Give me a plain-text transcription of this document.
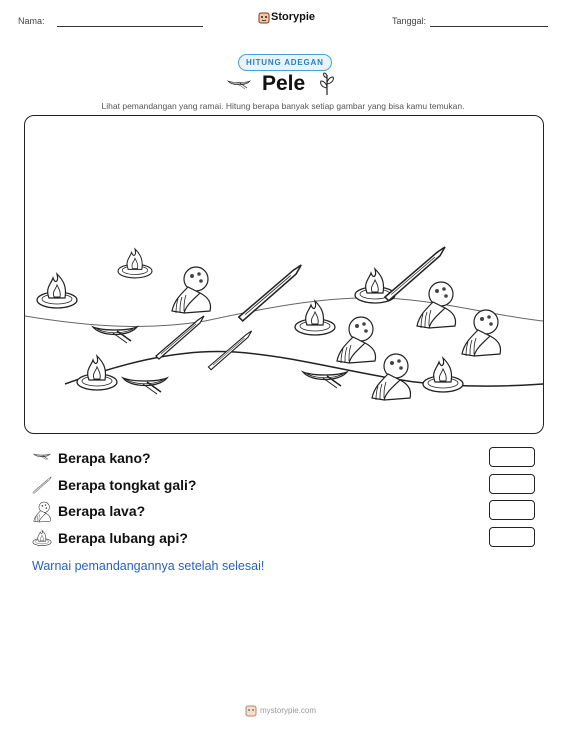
Nama:	Storypie	Tanggal:
HITUNG ADEGAN
Pele
Lihat pemandangan yang ramai. Hitung berapa banyak setiap gambar yang bisa kamu temukan.
Berapa kano?
Berapa tongkat gali?
Berapa lava?
Berapa lubang api?
Warnai pemandangannya setelah selesai!
mystorypie.com
